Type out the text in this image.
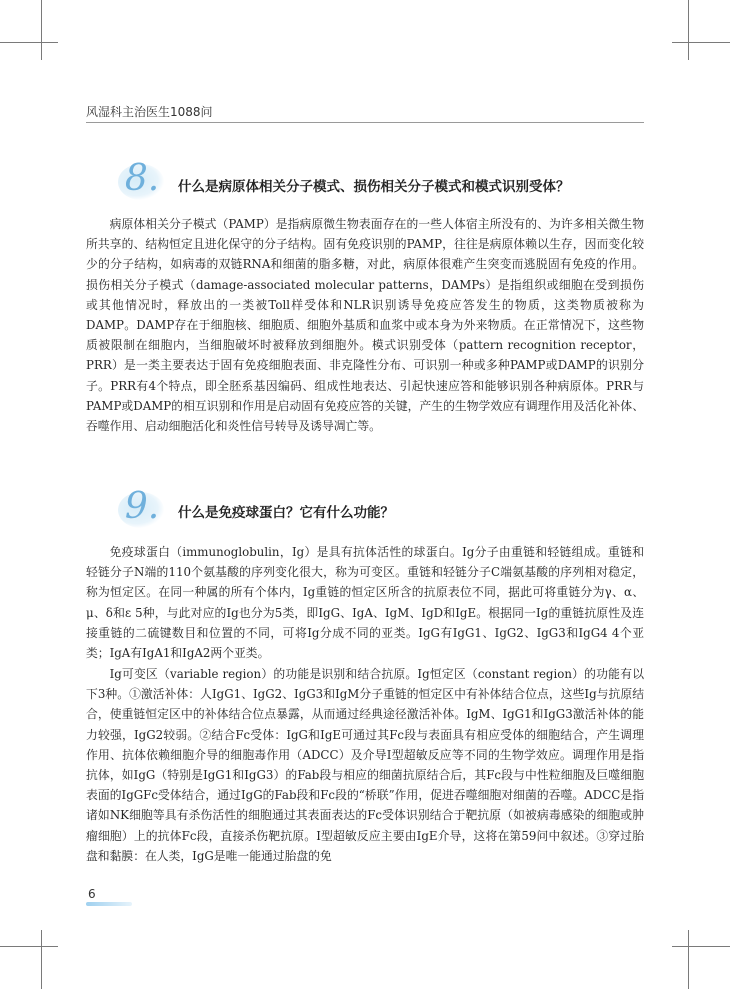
风湿科主治医生1088问
8.	什么是病原体相关分子模式、损伤相关分子模式和模式识别受体？

病原体相关分子模式（PAMP）是指病原微生物表面存在的一些人体宿主所没有的、为许多相关微生物所共享的、结构恒定且进化保守的分子结构。固有免疫识别的PAMP，往往是病原体赖以生存，因而变化较少的分子结构，如病毒的双链RNA和细菌的脂多糖，对此，病原体很难产生突变而逃脱固有免疫的作用。损伤相关分子模式（damage-associated molecular patterns，DAMPs）是指组织或细胞在受到损伤或其他情况时，释放出的一类被Toll样受体和NLR识别诱导免疫应答发生的物质，这类物质被称为DAMP。DAMP存在于细胞核、细胞质、细胞外基质和血浆中或本身为外来物质。在正常情况下，这些物质被限制在细胞内，当细胞破坏时被释放到细胞外。模式识别受体（pattern recognition receptor，PRR）是一类主要表达于固有免疫细胞表面、非克隆性分布、可识别一种或多种PAMP或DAMP的识别分子。PRR有4个特点，即全胚系基因编码、组成性地表达、引起快速应答和能够识别各种病原体。PRR与PAMP或DAMP的相互识别和作用是启动固有免疫应答的关键，产生的生物学效应有调理作用及活化补体、吞噬作用、启动细胞活化和炎性信号转导及诱导凋亡等。

9.	什么是免疫球蛋白？它有什么功能？

免疫球蛋白（immunoglobulin，Ig）是具有抗体活性的球蛋白。Ig分子由重链和轻链组成。重链和轻链分子N端的110个氨基酸的序列变化很大，称为可变区。重链和轻链分子C端氨基酸的序列相对稳定，称为恒定区。在同一种属的所有个体内，Ig重链的恒定区所含的抗原表位不同，据此可将重链分为γ、α、μ、δ和ε 5种，与此对应的Ig也分为5类，即IgG、IgA、IgM、IgD和IgE。根据同一Ig的重链抗原性及连接重链的二硫键数目和位置的不同，可将Ig分成不同的亚类。IgG有IgG1、IgG2、IgG3和IgG4 4个亚类；IgA有IgA1和IgA2两个亚类。

Ig可变区（variable region）的功能是识别和结合抗原。Ig恒定区（constant region）的功能有以下3种。①激活补体：人IgG1、IgG2、IgG3和IgM分子重链的恒定区中有补体结合位点，这些Ig与抗原结合，使重链恒定区中的补体结合位点暴露，从而通过经典途径激活补体。IgM、IgG1和IgG3激活补体的能力较强，IgG2较弱。②结合Fc受体：IgG和IgE可通过其Fc段与表面具有相应受体的细胞结合，产生调理作用、抗体依赖细胞介导的细胞毒作用（ADCC）及介导Ⅰ型超敏反应等不同的生物学效应。调理作用是指抗体，如IgG（特别是IgG1和IgG3）的Fab段与相应的细菌抗原结合后，其Fc段与中性粒细胞及巨噬细胞表面的IgGFc受体结合，通过IgG的Fab段和Fc段的“桥联”作用，促进吞噬细胞对细菌的吞噬。ADCC是指诸如NK细胞等具有杀伤活性的细胞通过其表面表达的Fc受体识别结合于靶抗原（如被病毒感染的细胞或肿瘤细胞）上的抗体Fc段，直接杀伤靶抗原。Ⅰ型超敏反应主要由IgE介导，这将在第59问中叙述。③穿过胎盘和黏膜：在人类，IgG是唯一能通过胎盘的免

6
